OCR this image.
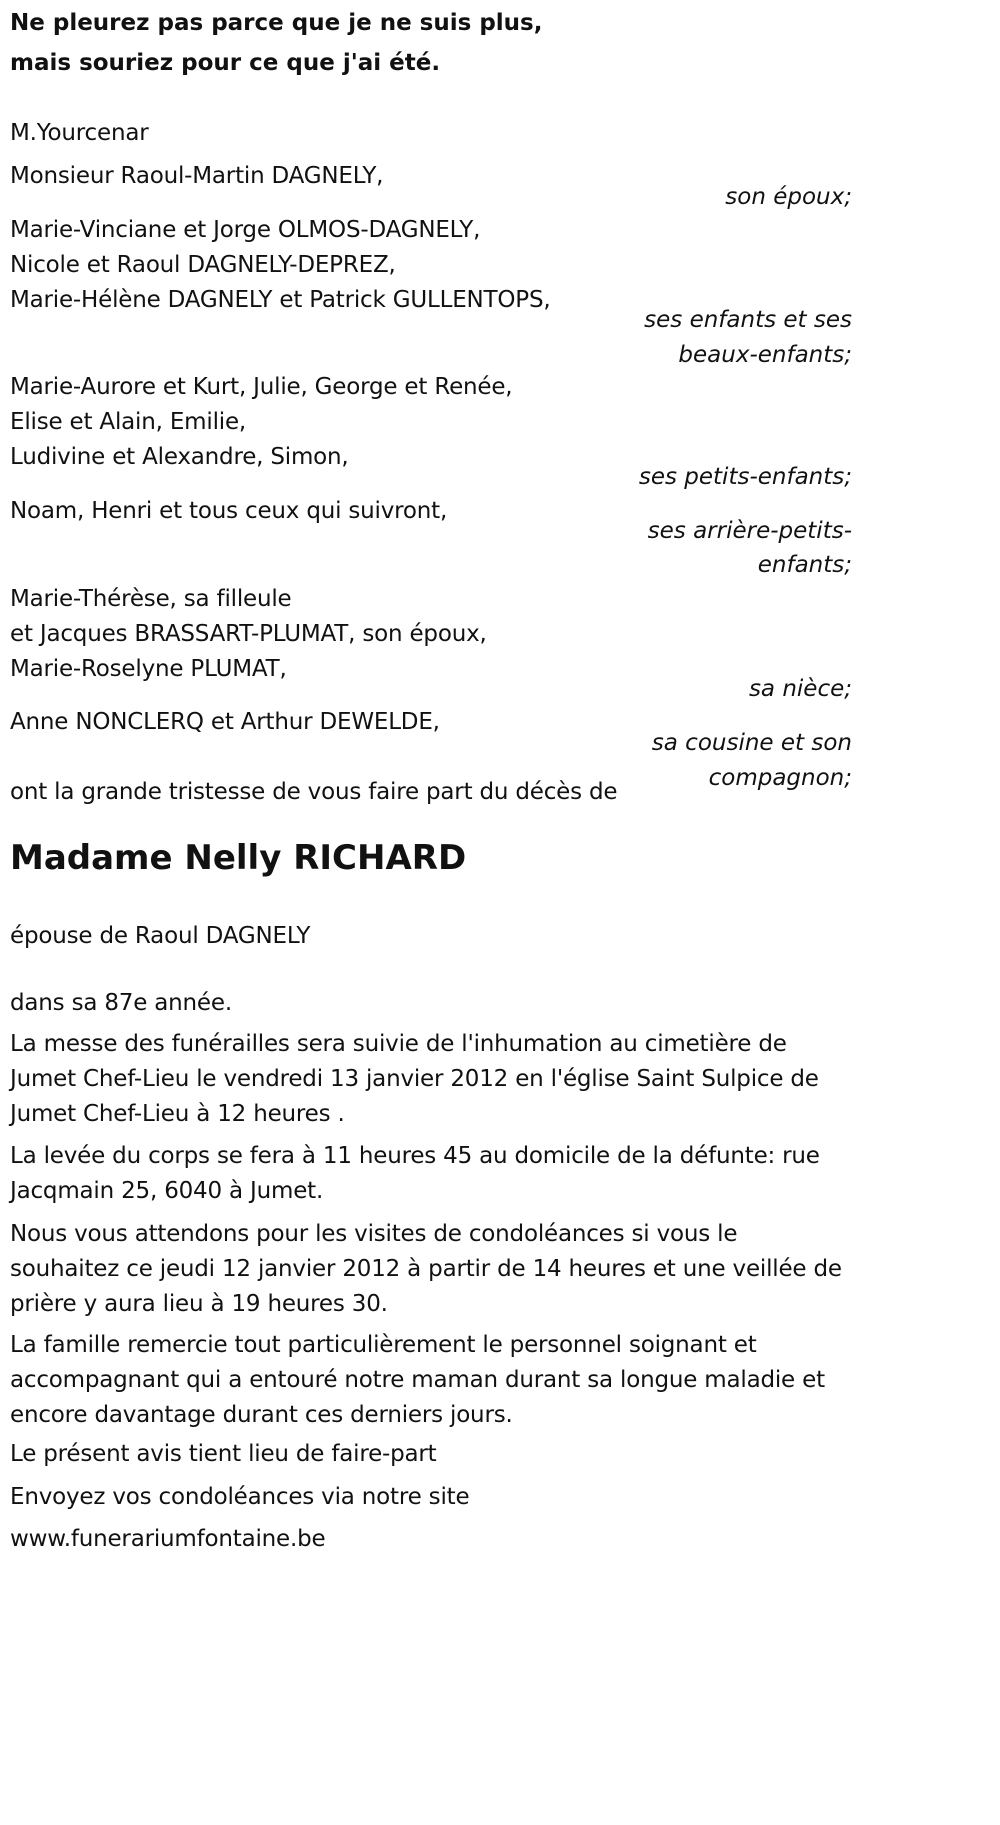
Ne pleurez pas parce que je ne suis plus,
mais souriez pour ce que j'ai été.
M.Yourcenar
Monsieur Raoul-Martin DAGNELY,
son époux;
Marie-Vinciane et Jorge OLMOS-DAGNELY,
Nicole et Raoul DAGNELY-DEPREZ,
Marie-Hélène DAGNELY et Patrick GULLENTOPS,
ses enfants et ses
beaux-enfants;
Marie-Aurore et Kurt, Julie, George et Renée,
Elise et Alain, Emilie,
Ludivine et Alexandre, Simon,
ses petits-enfants;
Noam, Henri et tous ceux qui suivront,
ses arrière-petits-
enfants;
Marie-Thérèse, sa filleule
et Jacques BRASSART-PLUMAT, son époux,
Marie-Roselyne PLUMAT,
sa nièce;
Anne NONCLERQ et Arthur DEWELDE,
sa cousine et son
compagnon;
ont la grande tristesse de vous faire part du décès de
Madame Nelly RICHARD
épouse de Raoul DAGNELY
dans sa 87e année.
La messe des funérailles sera suivie de l'inhumation au cimetière de
Jumet Chef-Lieu le vendredi 13 janvier 2012 en l'église Saint Sulpice de
Jumet Chef-Lieu à 12 heures .
La levée du corps se fera à 11 heures 45 au domicile de la défunte: rue
Jacqmain 25, 6040 à Jumet.
Nous vous attendons pour les visites de condoléances si vous le
souhaitez ce jeudi 12 janvier 2012 à partir de 14 heures et une veillée de
prière y aura lieu à 19 heures 30.
La famille remercie tout particulièrement le personnel soignant et
accompagnant qui a entouré notre maman durant sa longue maladie et
encore davantage durant ces derniers jours.
Le présent avis tient lieu de faire-part
Envoyez vos condoléances via notre site
www.funerariumfontaine.be
